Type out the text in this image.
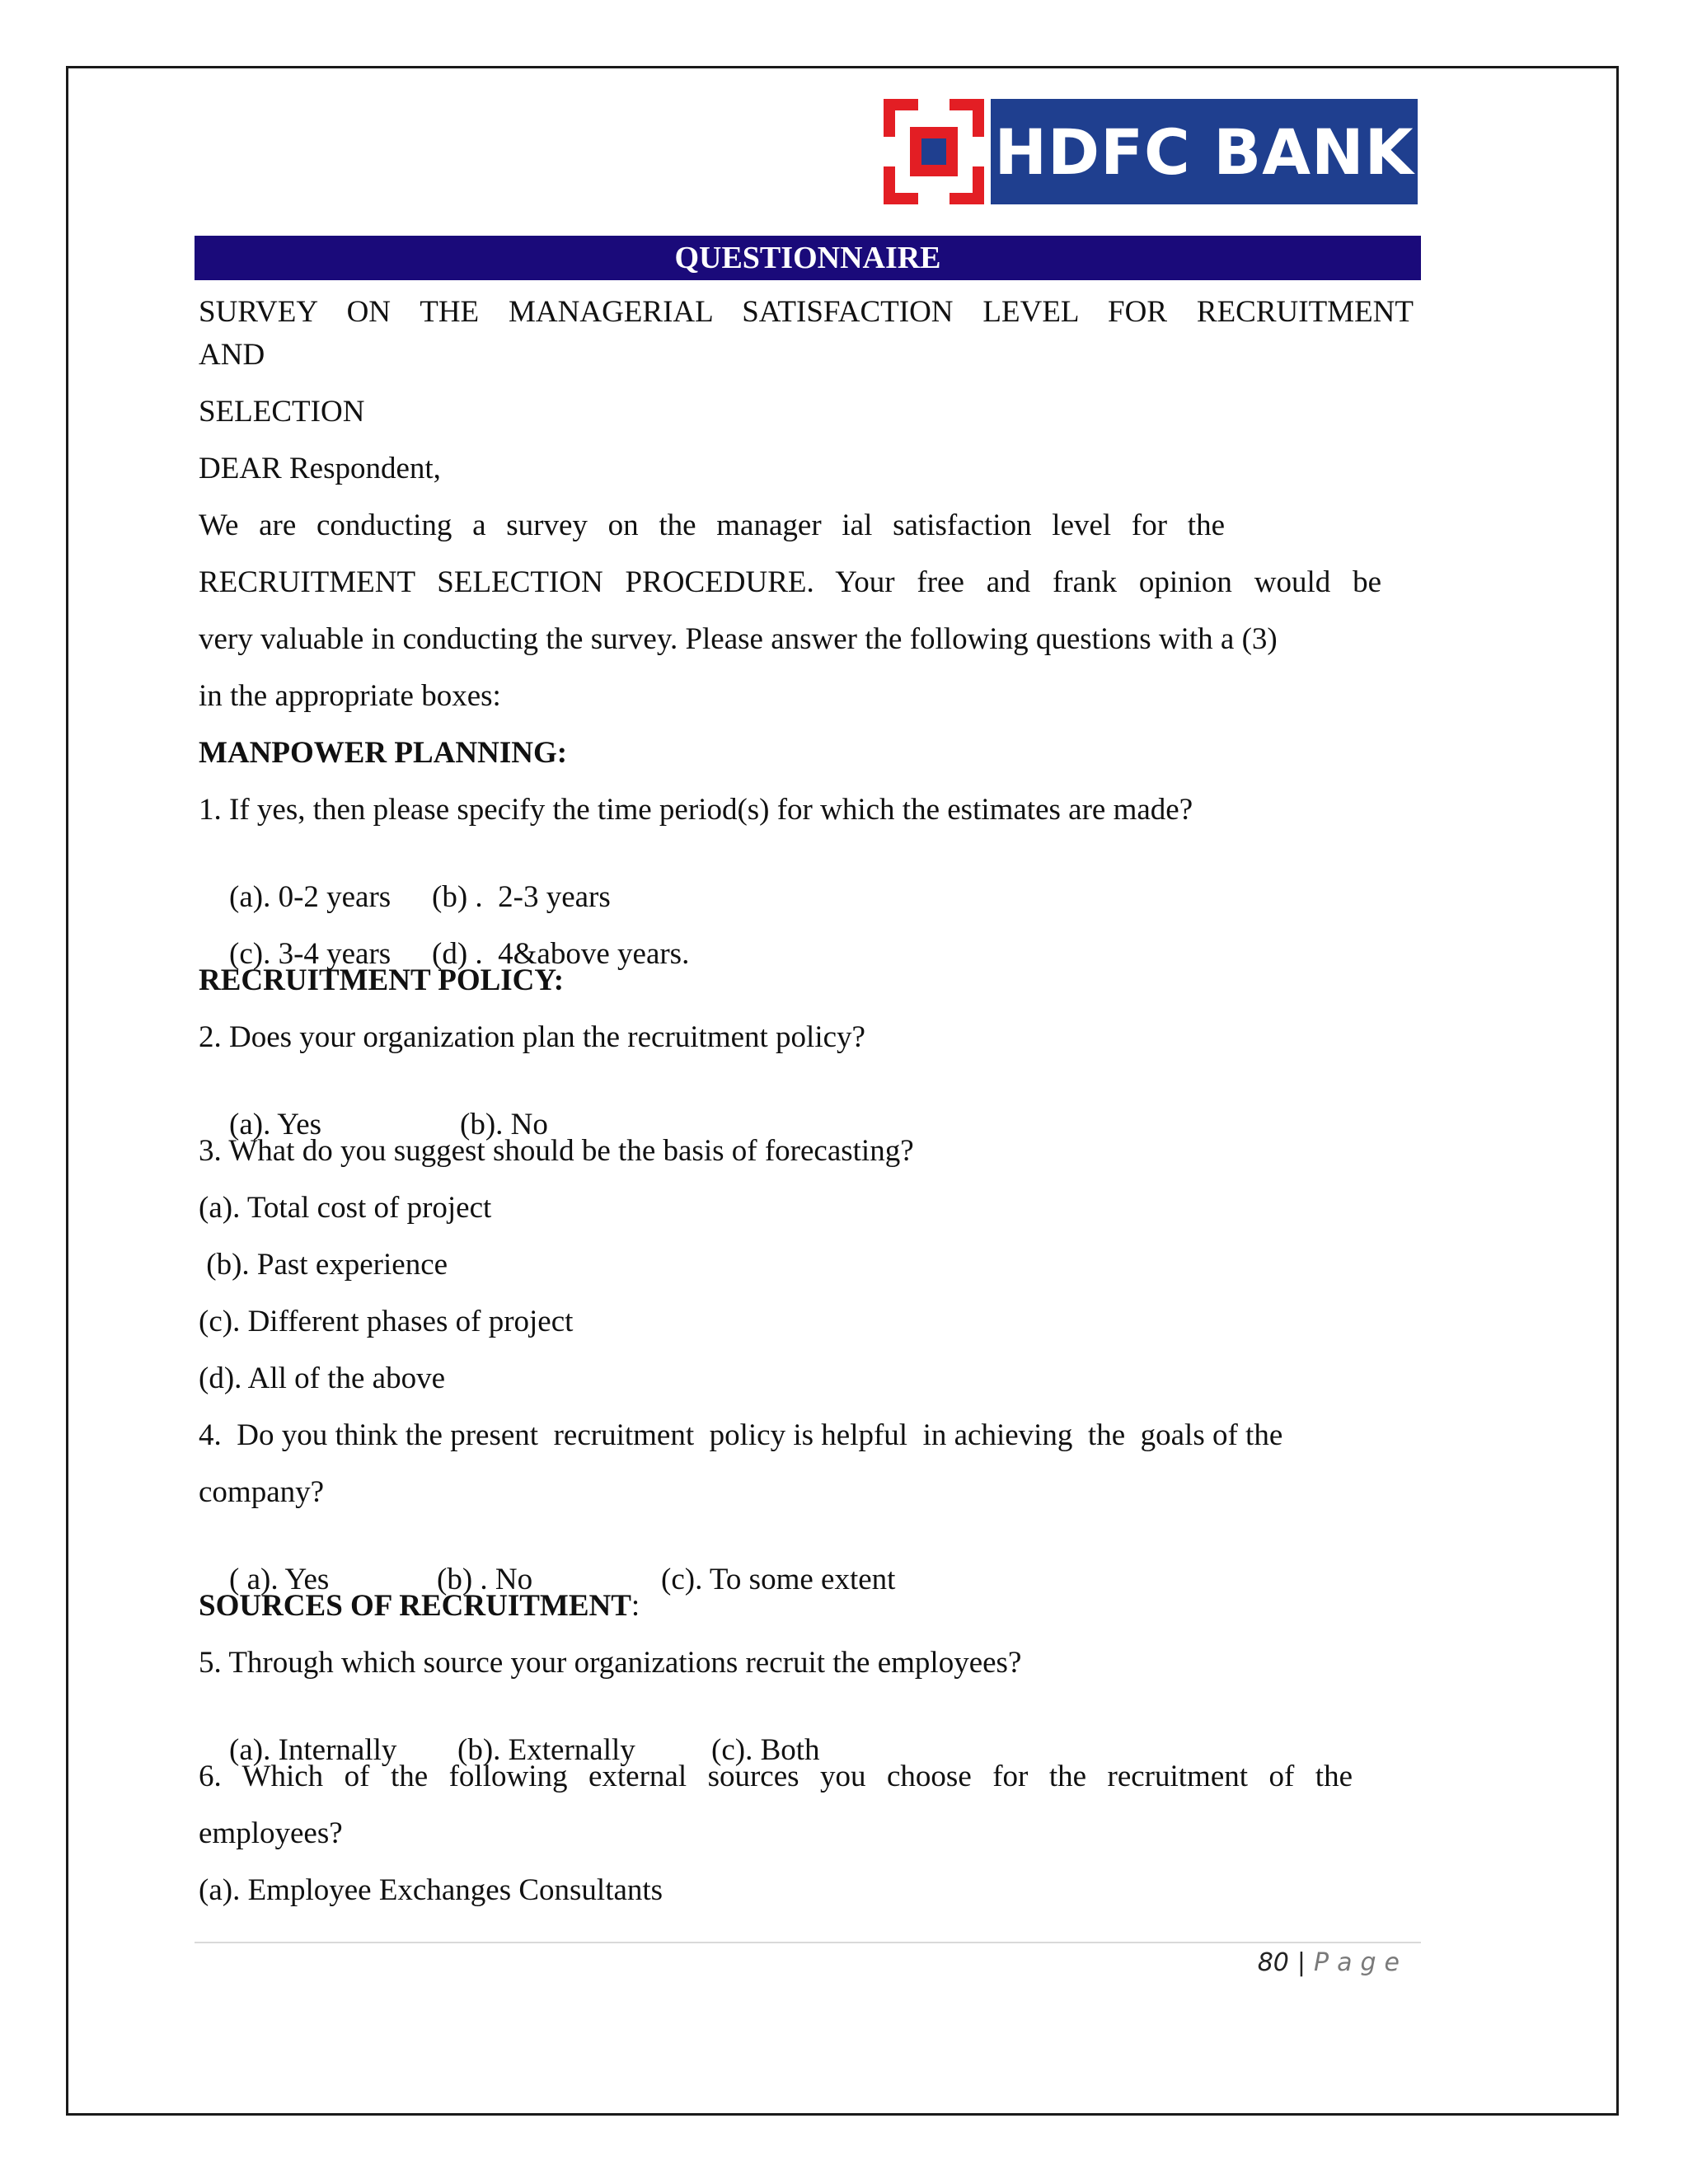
HDFC BANK
QUESTIONNAIRE
SURVEY ON THE MANAGERIAL SATISFACTION LEVEL FOR RECRUITMENT
AND
SELECTION
DEAR Respondent,
We are conducting a survey on the manager ial satisfaction level for the
RECRUITMENT SELECTION PROCEDURE. Your free and frank opinion would be
very valuable in conducting the survey. Please answer the following questions with a (3)
in the appropriate boxes:
MANPOWER PLANNING:
1. If yes, then please specify the time period(s) for which the estimates are made?

(a). 0-2 years (b) .  2-3 years

(c). 3-4 years (d) .  4&above years.

RECRUITMENT POLICY:
2. Does your organization plan the recruitment policy?

(a). Yes	(b). No

3. What do you suggest should be the basis of forecasting?
(a). Total cost of project
(b). Past experience
(c). Different phases of project
(d). All of the above
4.  Do you think the present  recruitment  policy is helpful  in achieving  the  goals of the
company?

( a). Yes	(b) . No	(c). To some extent

SOURCES OF RECRUITMENT:
5. Through which source your organizations recruit the employees?

(a). Internally (b). Externally (c). Both

6. Which of the following external sources you choose for the recruitment of the
employees?
(a). Employee Exchanges Consultants
80 | Page
